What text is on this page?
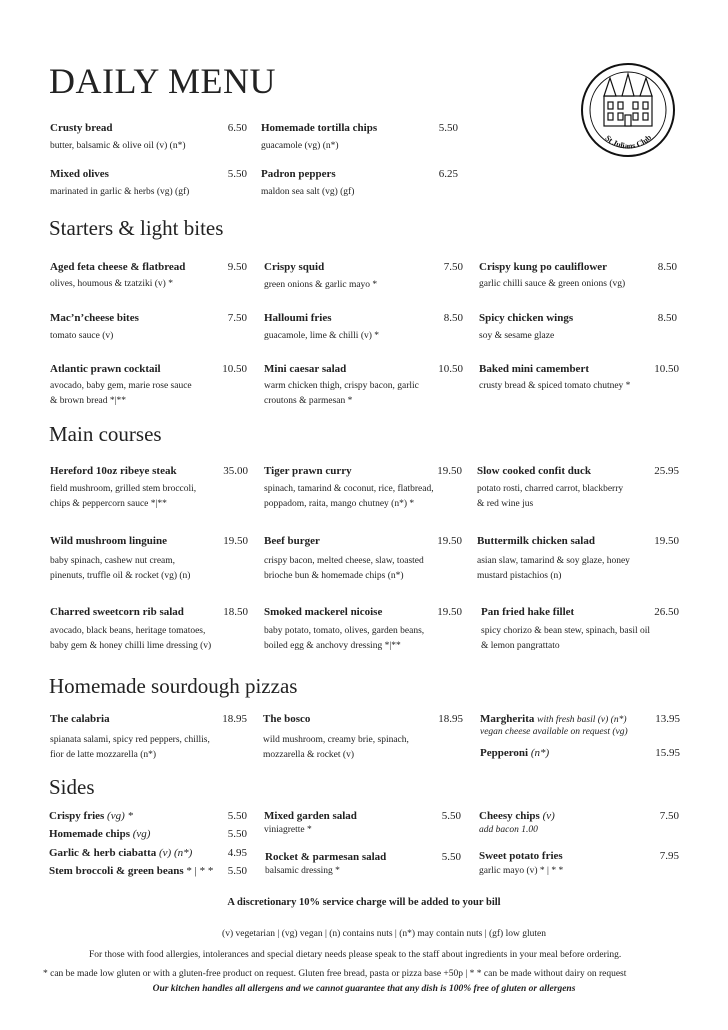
DAILY MENU
St Julians Club
Crusty bread	6.50
butter, balsamic & olive oil (v) (n*)
Homemade tortilla chips	5.50
guacamole (vg) (n*)
Mixed olives	5.50
marinated in garlic & herbs (vg) (gf)
Padron peppers	6.25
maldon sea salt (vg) (gf)
Starters & light bites
Aged feta cheese & flatbread	9.50
olives, houmous & tzatziki (v) *
Crispy squid	7.50
green onions & garlic mayo *
Crispy kung po cauliflower	8.50
garlic chilli sauce & green onions (vg)
Mac’n’cheese bites	7.50
tomato sauce (v)
Halloumi fries	8.50
guacamole, lime & chilli (v) *
Spicy chicken wings	8.50
soy & sesame glaze
Atlantic prawn cocktail	10.50
avocado, baby gem, marie rose sauce
& brown bread *|**
Mini caesar salad	10.50
warm chicken thigh, crispy bacon, garlic
croutons & parmesan *
Baked mini camembert	10.50
crusty bread & spiced tomato chutney *
Main courses
Hereford 10oz ribeye steak	35.00
field mushroom, grilled stem broccoli,
chips & peppercorn sauce *|**
Tiger prawn curry	19.50
spinach, tamarind & coconut, rice, flatbread,
poppadom, raita, mango chutney (n*) *
Slow cooked confit duck	25.95
potato rosti, charred carrot, blackberry
& red wine jus
Wild mushroom linguine	19.50
baby spinach, cashew nut cream,
pinenuts, truffle oil & rocket (vg) (n)
Beef burger	19.50
crispy bacon, melted cheese, slaw, toasted
brioche bun & homemade chips (n*)
Buttermilk chicken salad	19.50
asian slaw, tamarind & soy glaze, honey
mustard pistachios (n)
Charred sweetcorn rib salad	18.50
avocado, black beans, heritage tomatoes,
baby gem & honey chilli lime dressing (v)
Smoked mackerel nicoise	19.50
baby potato, tomato, olives, garden beans,
boiled egg & anchovy dressing *|**
Pan fried hake fillet	26.50
spicy chorizo & bean stew, spinach, basil oil
& lemon pangrattato
Homemade sourdough pizzas
The calabria	18.95
spianata salami, spicy red peppers, chillis,
fior de latte mozzarella (n*)
The bosco	18.95
wild mushroom, creamy brie, spinach,
mozzarella & rocket (v)
Margherita with fresh basil (v) (n*)	13.95
vegan cheese available on request (vg)
Pepperoni (n*)	15.95
Sides
Crispy fries (vg) *	5.50
Homemade chips (vg)	5.50
Garlic & herb ciabatta (v) (n*)	4.95
Stem broccoli & green beans * | * * 5.50
Mixed garden salad	5.50
viniagrette *
Rocket & parmesan salad	5.50
balsamic dressing *
Cheesy chips (v)	7.50
add bacon 1.00
Sweet potato fries	7.95
garlic mayo (v) * | * *
A discretionary 10% service charge will be added to your bill
(v) vegetarian | (vg) vegan | (n) contains nuts | (n*) may contain nuts | (gf) low gluten
For those with food allergies, intolerances and special dietary needs please speak to the staff about ingredients in your meal before ordering.
* can be made low gluten or with a gluten-free product on request. Gluten free bread, pasta or pizza base +50p | * * can be made without dairy on request
Our kitchen handles all allergens and we cannot guarantee that any dish is 100% free of gluten or allergens
